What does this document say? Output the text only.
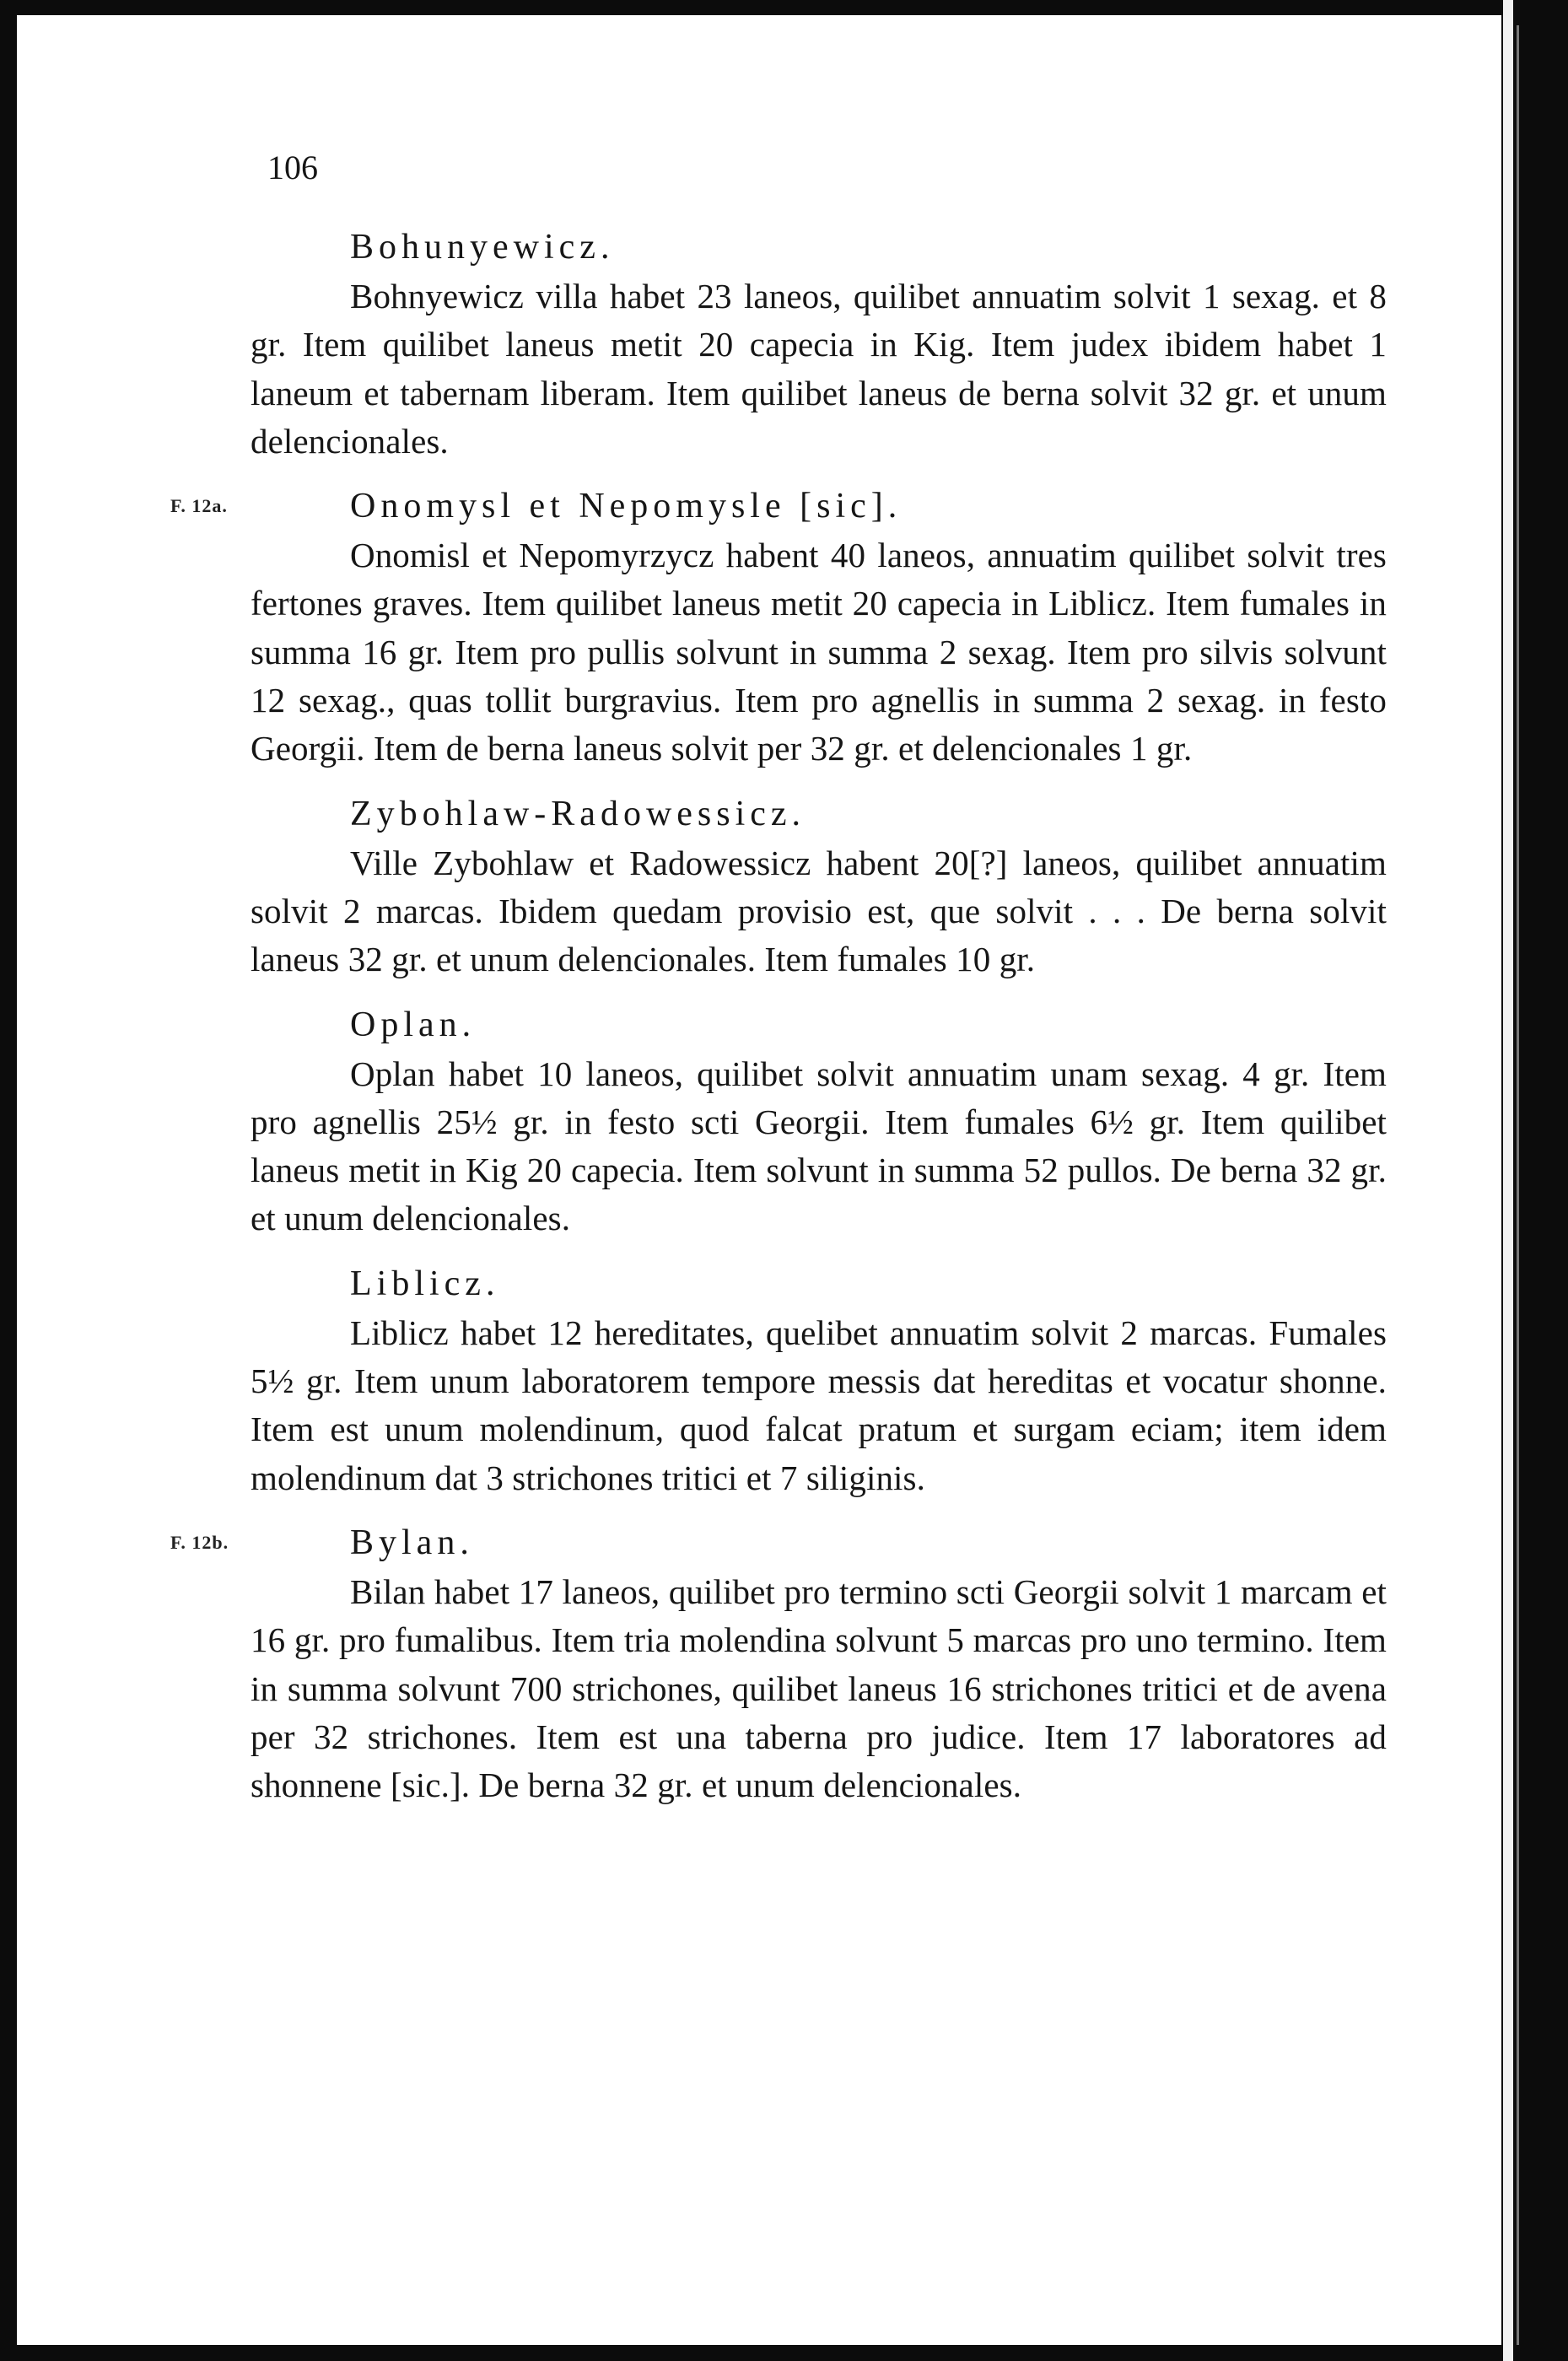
106
Bohunyewicz.

Bohnyewicz villa habet 23 laneos, quilibet annuatim solvit 1 sexag. et 8 gr. Item quilibet laneus metit 20 capecia in Kig. Item judex ibidem habet 1 laneum et tabernam liberam. Item quilibet laneus de berna solvit 32 gr. et unum delencionales.

F. 12a.	Onomysl et Nepomysle [sic].

Onomisl et Nepomyrzycz habent 40 laneos, annuatim quilibet solvit tres fertones graves. Item quilibet laneus metit 20 capecia in Liblicz. Item fumales in summa 16 gr. Item pro pullis solvunt in summa 2 sexag. Item pro silvis solvunt 12 sexag., quas tollit burgravius. Item pro agnellis in summa 2 sexag. in festo Georgii. Item de berna laneus solvit per 32 gr. et delencionales 1 gr.

Zybohlaw-Radowessicz.

Ville Zybohlaw et Radowessicz habent 20[?] laneos, quilibet annuatim solvit 2 marcas. Ibidem quedam provisio est, que solvit . . . De berna solvit laneus 32 gr. et unum delencionales. Item fumales 10 gr.

Oplan.

Oplan habet 10 laneos, quilibet solvit annuatim unam sexag. 4 gr. Item pro agnellis 25½ gr. in festo scti Georgii. Item fumales 6½ gr. Item quilibet laneus metit in Kig 20 capecia. Item solvunt in summa 52 pullos. De berna 32 gr. et unum delencionales.

Liblicz.

Liblicz habet 12 hereditates, quelibet annuatim solvit 2 marcas. Fumales 5½ gr. Item unum laboratorem tempore messis dat hereditas et vocatur shonne. Item est unum molendinum, quod falcat pratum et surgam eciam; item idem molendinum dat 3 strichones tritici et 7 siliginis.

F. 12b.	Bylan.

Bilan habet 17 laneos, quilibet pro termino scti Georgii solvit 1 marcam et 16 gr. pro fumalibus. Item tria molendina solvunt 5 marcas pro uno termino. Item in summa solvunt 700 strichones, quilibet laneus 16 strichones tritici et de avena per 32 strichones. Item est una taberna pro judice. Item 17 laboratores ad shonnene [sic.]. De berna 32 gr. et unum delencionales.
